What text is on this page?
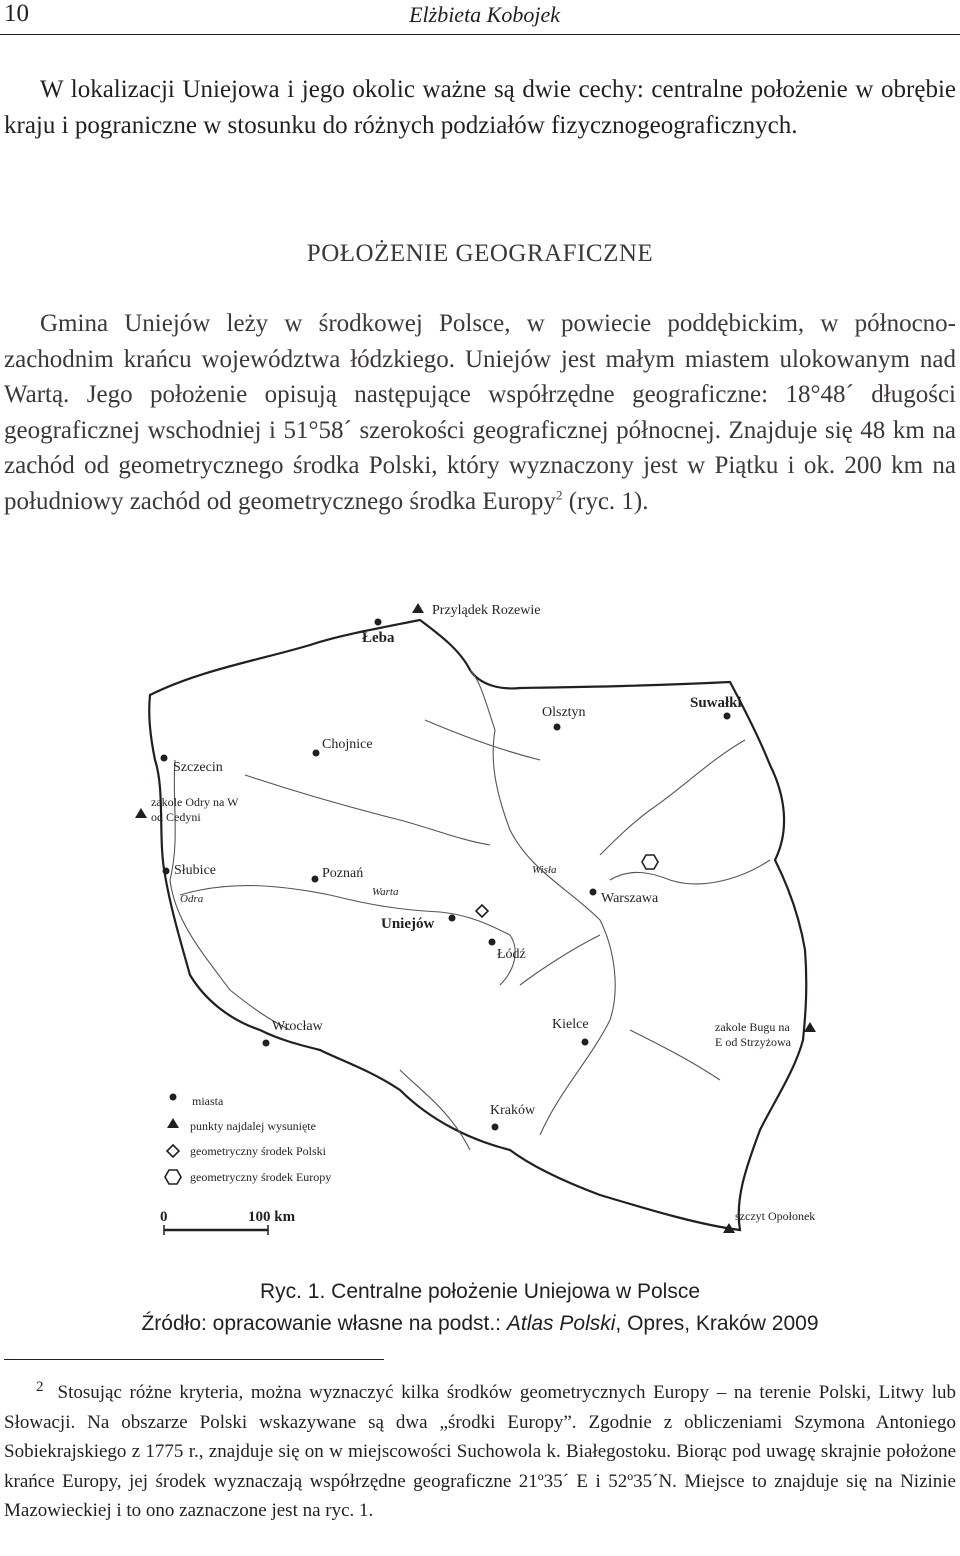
10	Elżbieta Kobojek

W lokalizacji Uniejowa i jego okolic ważne są dwie cechy: centralne położenie w obrębie kraju i pograniczne w stosunku do różnych podziałów fizycznogeograficznych.

POŁOŻENIE GEOGRAFICZNE

Gmina Uniejów leży w środkowej Polsce, w powiecie poddębickim, w północno-zachodnim krańcu województwa łódzkiego. Uniejów jest małym miastem ulokowanym nad Wartą. Jego położenie opisują następujące współrzędne geograficzne: 18°48´ długości geograficznej wschodniej i 51°58´ szerokości geograficznej północnej. Znajduje się 48 km na zachód od geometrycznego środka Polski, który wyznaczony jest w Piątku i ok. 200 km na południowy zachód od geometrycznego środka Europy$^2$ (ryc. 1).

Przylądek Rozewie
Łeba
Olsztyn
Suwałki
Chojnice
Szczecin
zakole Odry na W
od Cedyni
Słubice
Odra
Poznań
Warta
Wisła
Warszawa
Uniejów
Łódź
Wrocław	Kielce	zakole Bugu na
E od Strzyżowa
Kraków
szczyt Opołonek
miasta
punkty najdalej wysunięte
geometryczny środek Polski
geometryczny środek Europy
0	100 km
Ryc. 1. Centralne położenie Uniejowa w Polsce
Źródło: opracowanie własne na podst.: Atlas Polski, Opres, Kraków 2009

$^2$ Stosując różne kryteria, można wyznaczyć kilka środków geometrycznych Europy – na terenie Polski, Litwy lub Słowacji. Na obszarze Polski wskazywane są dwa „środki Europy”. Zgodnie z obliczeniami Szymona Antoniego Sobiekrajskiego z 1775 r., znajduje się on w miejscowości Suchowola k. Białegostoku. Biorąc pod uwagę skrajnie położone krańce Europy, jej środek wyznaczają współrzędne geograficzne 21º35´ E i 52º35´N. Miejsce to znajduje się na Nizinie Mazowieckiej i to ono zaznaczone jest na ryc. 1.
